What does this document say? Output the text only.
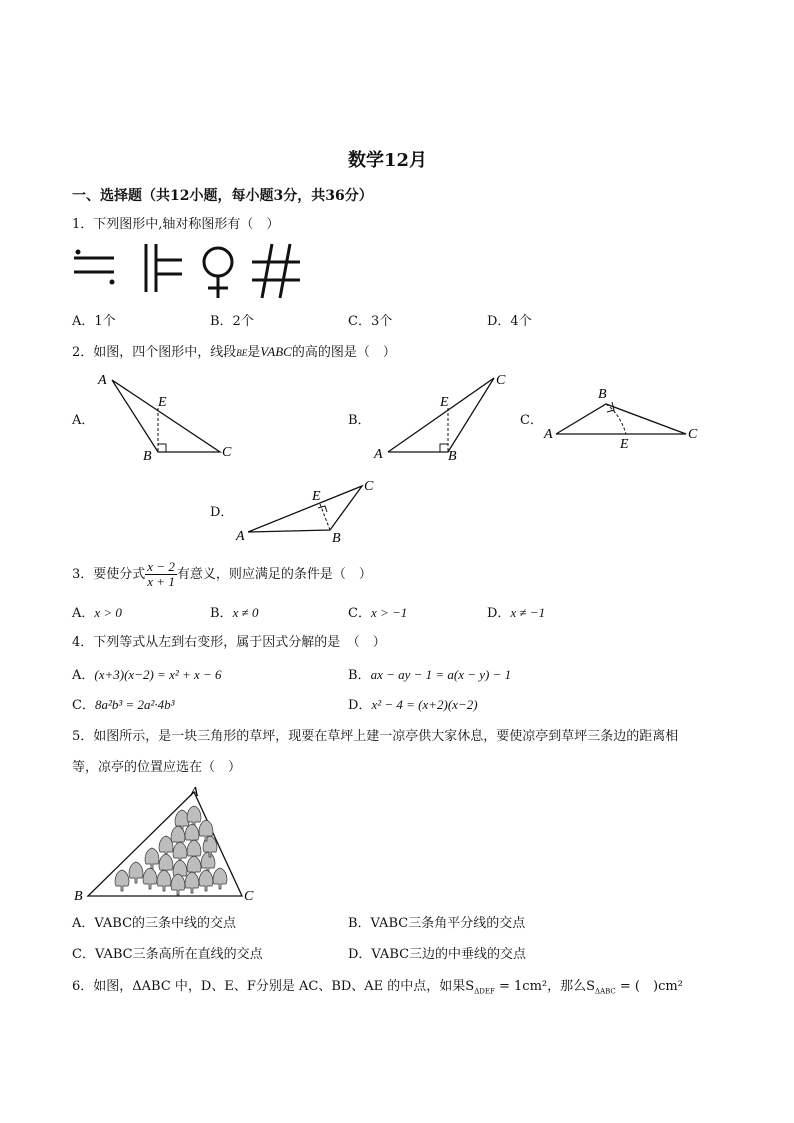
数学12月
一、选择题（共12小题，每小题3分，共36分）
1．下列图形中,轴对称图形有（　）
A．1个	B．2个	C．3个	D．4个
2．如图，四个图形中，线段BE是VABC的高的图是（　）
A．
A
E
B	C
B．
A
E
B
C
C．
A
B
E
C
D．
A
E
B
C
3．要使分式 $\frac{x - 2}{x + 1}$ 有意义，则应满足的条件是（　）
A．x > 0	B．x ≠ 0	C．x > −1	D．x ≠ −1
4．下列等式从左到右变形，属于因式分解的是　（　）
A．(x+3)(x−2) = x² + x − 6	B．ax − ay − 1 = a(x − y) − 1
C．8a²b³ = 2a²·4b³	D．x² − 4 = (x+2)(x−2)
5．如图所示，是一块三角形的草坪，现要在草坪上建一凉亭供大家休息，要使凉亭到草坪三条边的距离相
等，凉亭的位置应选在（　）
B
A
C
A．VABC的三条中线的交点	B．VABC三条角平分线的交点
C．VABC三条高所在直线的交点	D．VABC三边的中垂线的交点
6．如图，ΔABC 中，D、E、F分别是 AC、BD、AE 的中点，如果$S_{\Delta DEF} = 1cm^2$，那么$S_{\Delta ABC}$ = (　)cm²
